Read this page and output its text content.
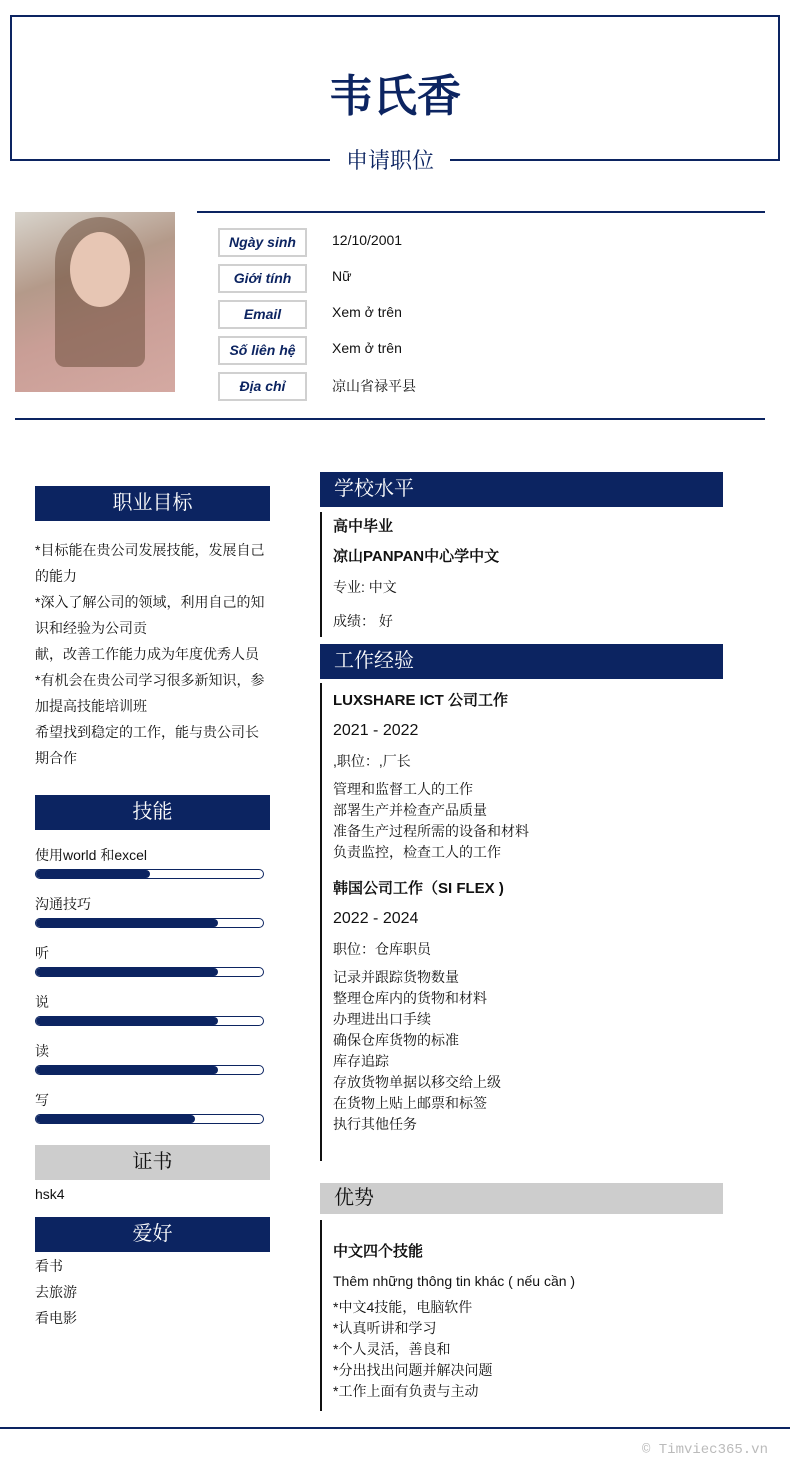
韦氏香
申请职位
Ngày sinh	12/10/2001
Giới tính	Nữ
Email	Xem ở trên
Số liên hệ	Xem ở trên
Địa chỉ	凉山省禄平县
职业目标

*目标能在贵公司发展技能，发展自己的能力

*深入了解公司的领域，利用自己的知识和经验为公司贡

献，改善工作能力成为年度优秀人员

*有机会在贵公司学习很多新知识，参加提高技能培训班

希望找到稳定的工作，能与贵公司长期合作

技能
使用world 和excel
沟通技巧
听
说
读
写
证书
hsk4
爱好
看书
去旅游
看电影
学校水平
高中毕业
凉山PANPAN中心学中文
专业: 中文
成绩： 好
工作经验
LUXSHARE ICT 公司工作
2021 - 2022
,职位：,厂长

管理和监督工人的工作

部署生产并检查产品质量

准备生产过程所需的设备和材料

负责监控，检查工人的工作

韩国公司工作（SI FLEX )
2022 - 2024
职位：仓库职员

记录并跟踪货物数量

整理仓库内的货物和材料

办理进出口手续

确保仓库货物的标准

库存追踪

存放货物单据以移交给上级

在货物上贴上邮票和标签

执行其他任务

优势
中文四个技能
Thêm những thông tin khác ( nếu cần )

*中文4技能，电脑软件

*认真听讲和学习

*个人灵活，善良和

*分出找出问题并解决问题

*工作上面有负责与主动

© Timviec365.vn
